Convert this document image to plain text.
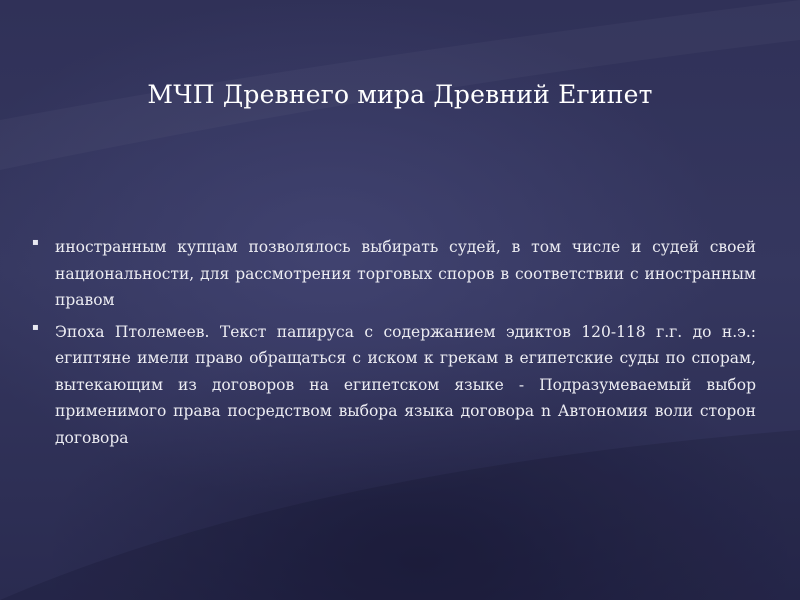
МЧП Древнего мира Древний Египет
▪ иностранным купцам позволялось выбирать судей, в том числе и судей своей национальности, для рассмотрения торговых споров в соответствии с иностранным правом
▪ Эпоха Птолемеев. Текст папируса с содержанием эдиктов 120-118 г.г. до н.э.: египтяне имели право обращаться с иском к грекам в египетские суды по спорам, вытекающим из договоров на египетском языке - Подразумеваемый выбор применимого права посредством выбора языка договора n Автономия воли сторон договора
